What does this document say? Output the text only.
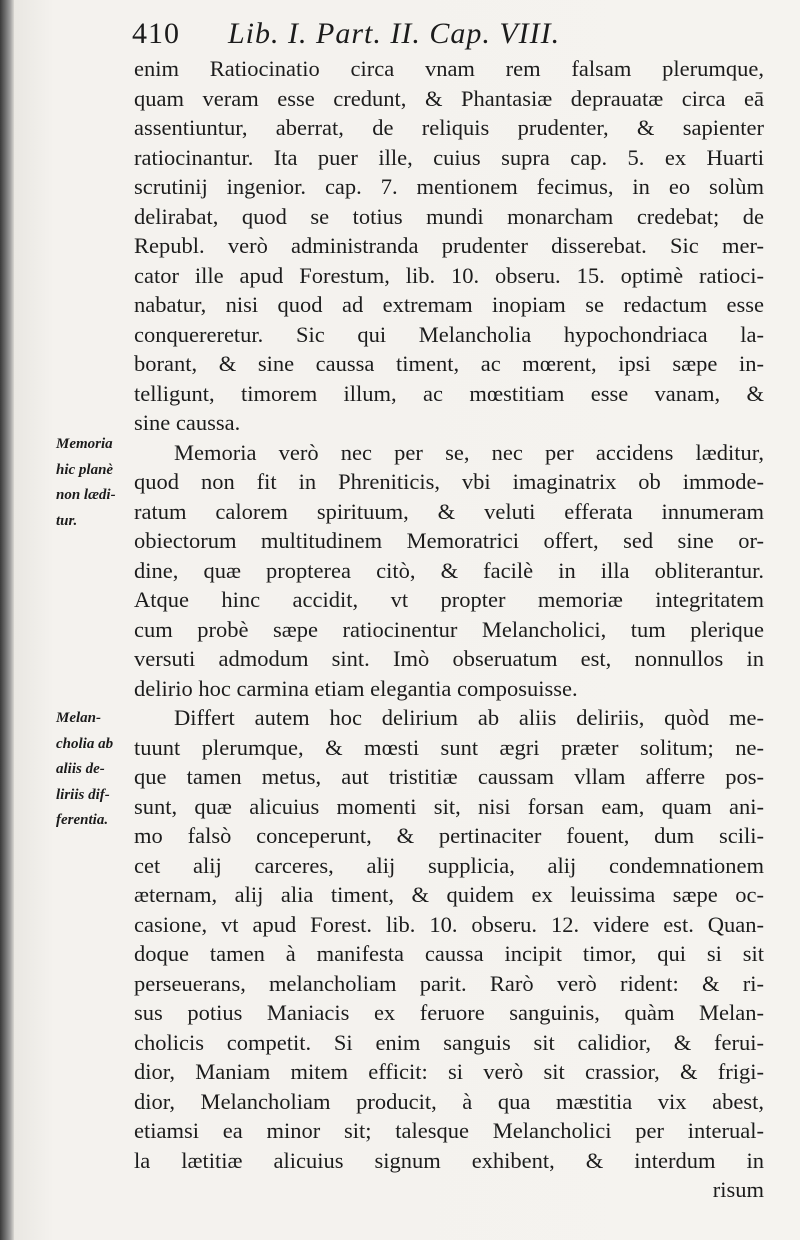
410 Lib. I. Part. II. Cap. VIII.
enim Ratiocinatio circa vnam rem falsam plerumque,
quam veram esse credunt, & Phantasiæ deprauatæ circa eā
assentiuntur, aberrat, de reliquis prudenter, & sapienter
ratiocinantur. Ita puer ille, cuius supra cap. 5. ex Huarti
scrutinij ingenior. cap. 7. mentionem fecimus, in eo solùm
delirabat, quod se totius mundi monarcham credebat; de
Republ. verò administranda prudenter disserebat. Sic mer-
cator ille apud Forestum, lib. 10. obseru. 15. optimè ratioci-
nabatur, nisi quod ad extremam inopiam se redactum esse
conquereretur. Sic qui Melancholia hypochondriaca la-
borant, & sine caussa timent, ac mœrent, ipsi sæpe in-
telligunt, timorem illum, ac mœstitiam esse vanam, &
sine caussa.
Memoria verò nec per se, nec per accidens læditur,
quod non fit in Phreniticis, vbi imaginatrix ob immode-
ratum calorem spirituum, & veluti efferata innumeram
obiectorum multitudinem Memoratrici offert, sed sine or-
dine, quæ propterea citò, & facilè in illa obliterantur.
Atque hinc accidit, vt propter memoriæ integritatem
cum probè sæpe ratiocinentur Melancholici, tum plerique
versuti admodum sint. Imò obseruatum est, nonnullos in
delirio hoc carmina etiam elegantia composuisse.
Differt autem hoc delirium ab aliis deliriis, quòd me-
tuunt plerumque, & mœsti sunt ægri præter solitum; ne-
que tamen metus, aut tristitiæ caussam vllam afferre pos-
sunt, quæ alicuius momenti sit, nisi forsan eam, quam ani-
mo falsò conceperunt, & pertinaciter fouent, dum scili-
cet alij carceres, alij supplicia, alij condemnationem
æternam, alij alia timent, & quidem ex leuissima sæpe oc-
casione, vt apud Forest. lib. 10. obseru. 12. videre est. Quan-
doque tamen à manifesta caussa incipit timor, qui si sit
perseuerans, melancholiam parit. Rarò verò rident: & ri-
sus potius Maniacis ex feruore sanguinis, quàm Melan-
cholicis competit. Si enim sanguis sit calidior, & ferui-
dior, Maniam mitem efficit: si verò sit crassior, & frigi-
dior, Melancholiam producit, à qua mæstitia vix abest,
etiamsi ea minor sit; talesque Melancholici per interual-
la lætitiæ alicuius signum exhibent, & interdum in
risum
Memoria
hic planè
non lædi-
tur.
Melan-
cholia ab
aliis de-
liriis dif-
ferentia.
